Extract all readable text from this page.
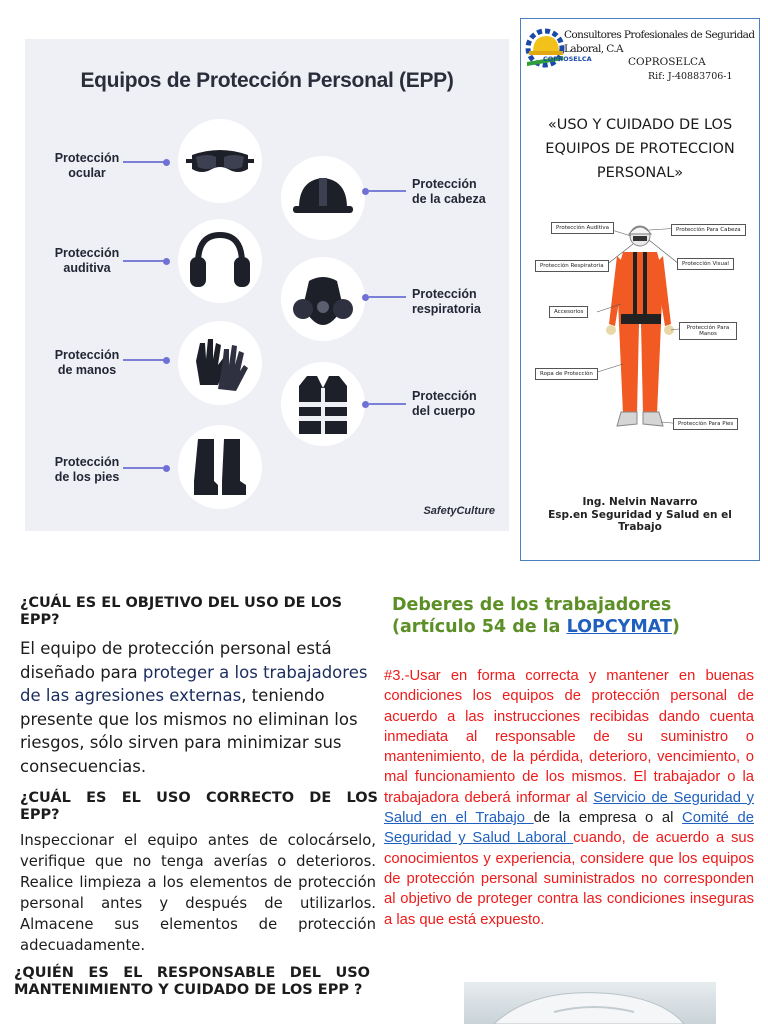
Equipos de Protección Personal (EPP)
Protección
ocular
Protección
auditiva
Protección
de manos
Protección
de los pies
Protección
de la cabeza
Protección
respiratoria
Protección
del cuerpo
SafetyCulture
Consultores Profesionales de Seguridad Laboral, C.A
COPROSELCA
Rif: J-40883706-1
COPROSELCA
«USO Y CUIDADO DE LOS EQUIPOS DE PROTECCION PERSONAL»
Protección Auditiva	Protección Para Cabeza
Protección Respiratoria	Protección Visual
Accesorios
Protección Para Manos
Ropa de Protección
Protección Para Pies
Ing. Nelvin Navarro
Esp.en Seguridad y Salud en el Trabajo
¿CUÁL ES EL OBJETIVO DEL USO DE LOS EPP?
El equipo de protección personal está diseñado para proteger a los trabajadores de las agresiones externas, teniendo presente que los mismos no eliminan los riesgos, sólo sirven para minimizar sus consecuencias.
¿CUÁL ES EL USO CORRECTO DE LOS
EPP?
Inspeccionar el equipo antes de colocárselo, verifique que no tenga averías o deterioros. Realice limpieza a los elementos de protección personal antes y después de utilizarlos. Almacene sus elementos de protección adecuadamente.
¿QUIÉN ES EL RESPONSABLE DEL USO MANTENIMIENTO Y CUIDADO DE LOS EPP ?
Deberes de los trabajadores (artículo 54 de la LOPCYMAT)
#3.-Usar en forma correcta y mantener en buenas condiciones los equipos de protección personal de acuerdo a las instrucciones recibidas dando cuenta inmediata al responsable de su suministro o mantenimiento, de la pérdida, deterioro, vencimiento, o mal funcionamiento de los mismos. El trabajador o la trabajadora deberá informar al Servicio de Seguridad y Salud en el Trabajo de la empresa o al Comité de Seguridad y Salud Laboral cuando, de acuerdo a sus conocimientos y experiencia, considere que los equipos de protección personal suministrados no corresponden al objetivo de proteger contra las condiciones inseguras a las que está expuesto.
